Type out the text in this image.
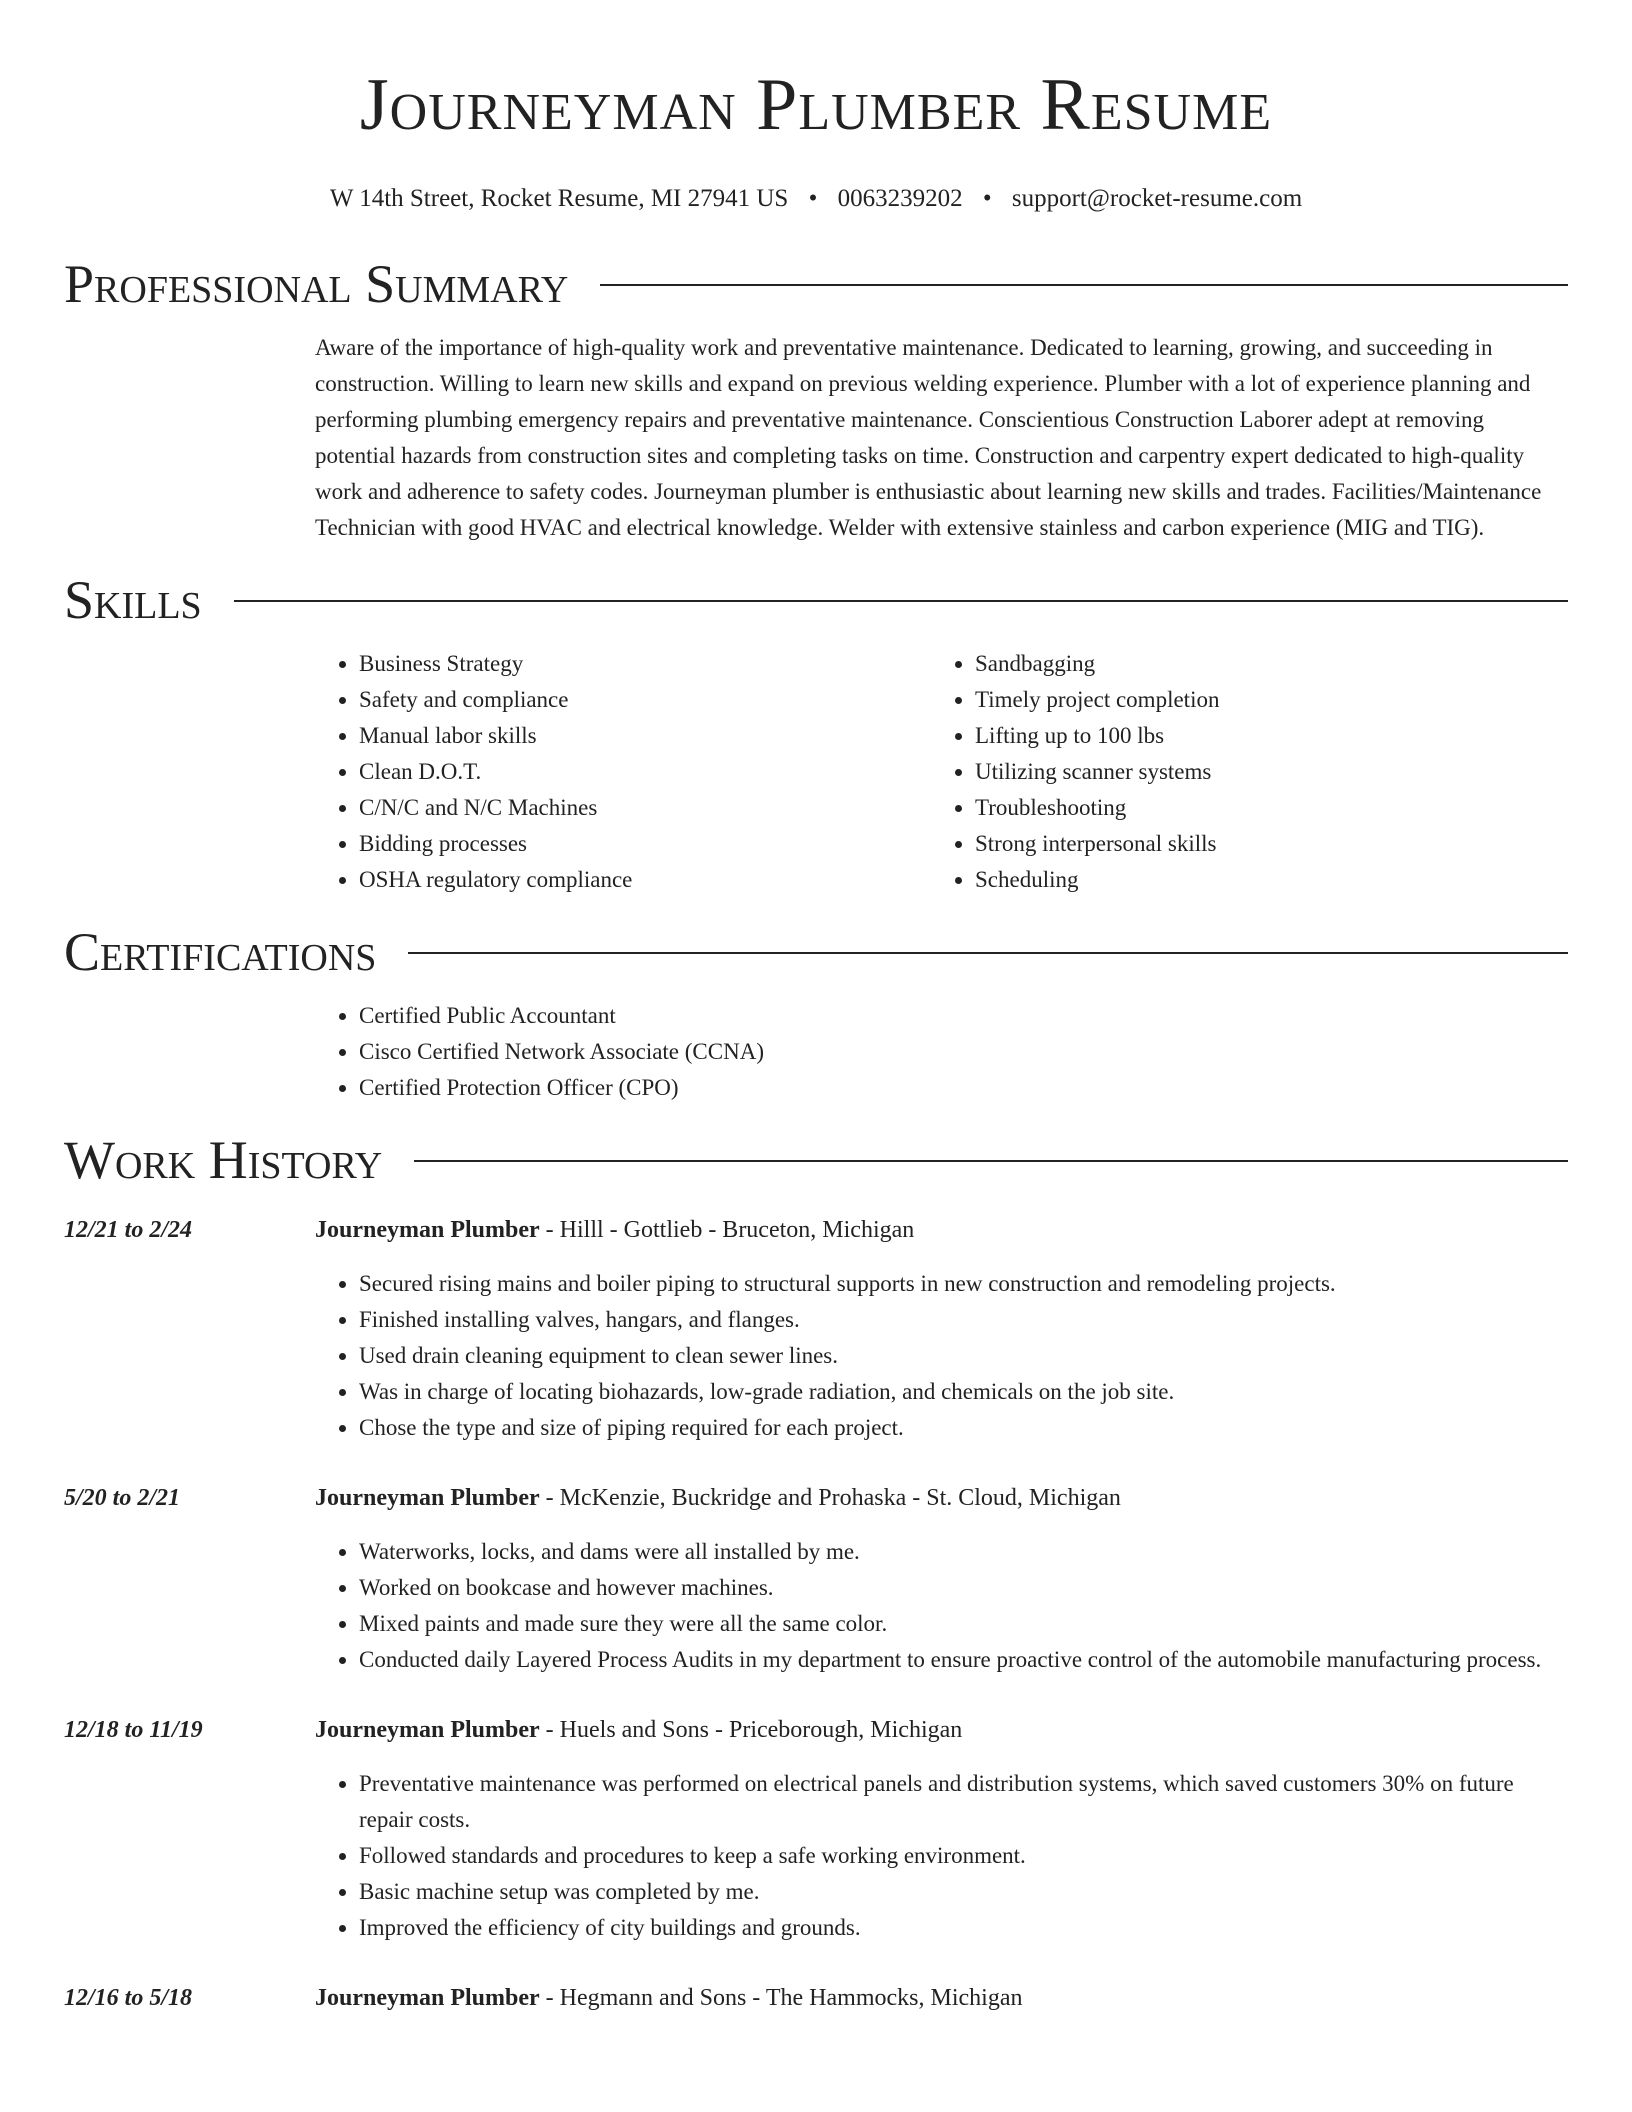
Journeyman Plumber Resume
W 14th Street, Rocket Resume, MI 27941 US • 0063239202 • support@rocket-resume.com
Professional Summary
Aware of the importance of high-quality work and preventative maintenance. Dedicated to learning, growing, and succeeding in construction. Willing to learn new skills and expand on previous welding experience. Plumber with a lot of experience planning and performing plumbing emergency repairs and preventative maintenance. Conscientious Construction Laborer adept at removing potential hazards from construction sites and completing tasks on time. Construction and carpentry expert dedicated to high-quality work and adherence to safety codes. Journeyman plumber is enthusiastic about learning new skills and trades. Facilities/Maintenance Technician with good HVAC and electrical knowledge. Welder with extensive stainless and carbon experience (MIG and TIG).
Skills
• Business Strategy
• Safety and compliance
• Manual labor skills
• Clean D.O.T.
• C/N/C and N/C Machines
• Bidding processes
• OSHA regulatory compliance
• Sandbagging
• Timely project completion
• Lifting up to 100 lbs
• Utilizing scanner systems
• Troubleshooting
• Strong interpersonal skills
• Scheduling
Certifications
• Certified Public Accountant
• Cisco Certified Network Associate (CCNA)
• Certified Protection Officer (CPO)
Work History
12/21 to 2/24	Journeyman Plumber - Hilll - Gottlieb - Bruceton, Michigan
• Secured rising mains and boiler piping to structural supports in new construction and remodeling projects.
• Finished installing valves, hangars, and flanges.
• Used drain cleaning equipment to clean sewer lines.
• Was in charge of locating biohazards, low-grade radiation, and chemicals on the job site.
• Chose the type and size of piping required for each project.
5/20 to 2/21	Journeyman Plumber - McKenzie, Buckridge and Prohaska - St. Cloud, Michigan
• Waterworks, locks, and dams were all installed by me.
• Worked on bookcase and however machines.
• Mixed paints and made sure they were all the same color.
• Conducted daily Layered Process Audits in my department to ensure proactive control of the automobile manufacturing process.
12/18 to 11/19	Journeyman Plumber - Huels and Sons - Priceborough, Michigan
• Preventative maintenance was performed on electrical panels and distribution systems, which saved customers 30% on future repair costs.
• Followed standards and procedures to keep a safe working environment.
• Basic machine setup was completed by me.
• Improved the efficiency of city buildings and grounds.
12/16 to 5/18	Journeyman Plumber - Hegmann and Sons - The Hammocks, Michigan
